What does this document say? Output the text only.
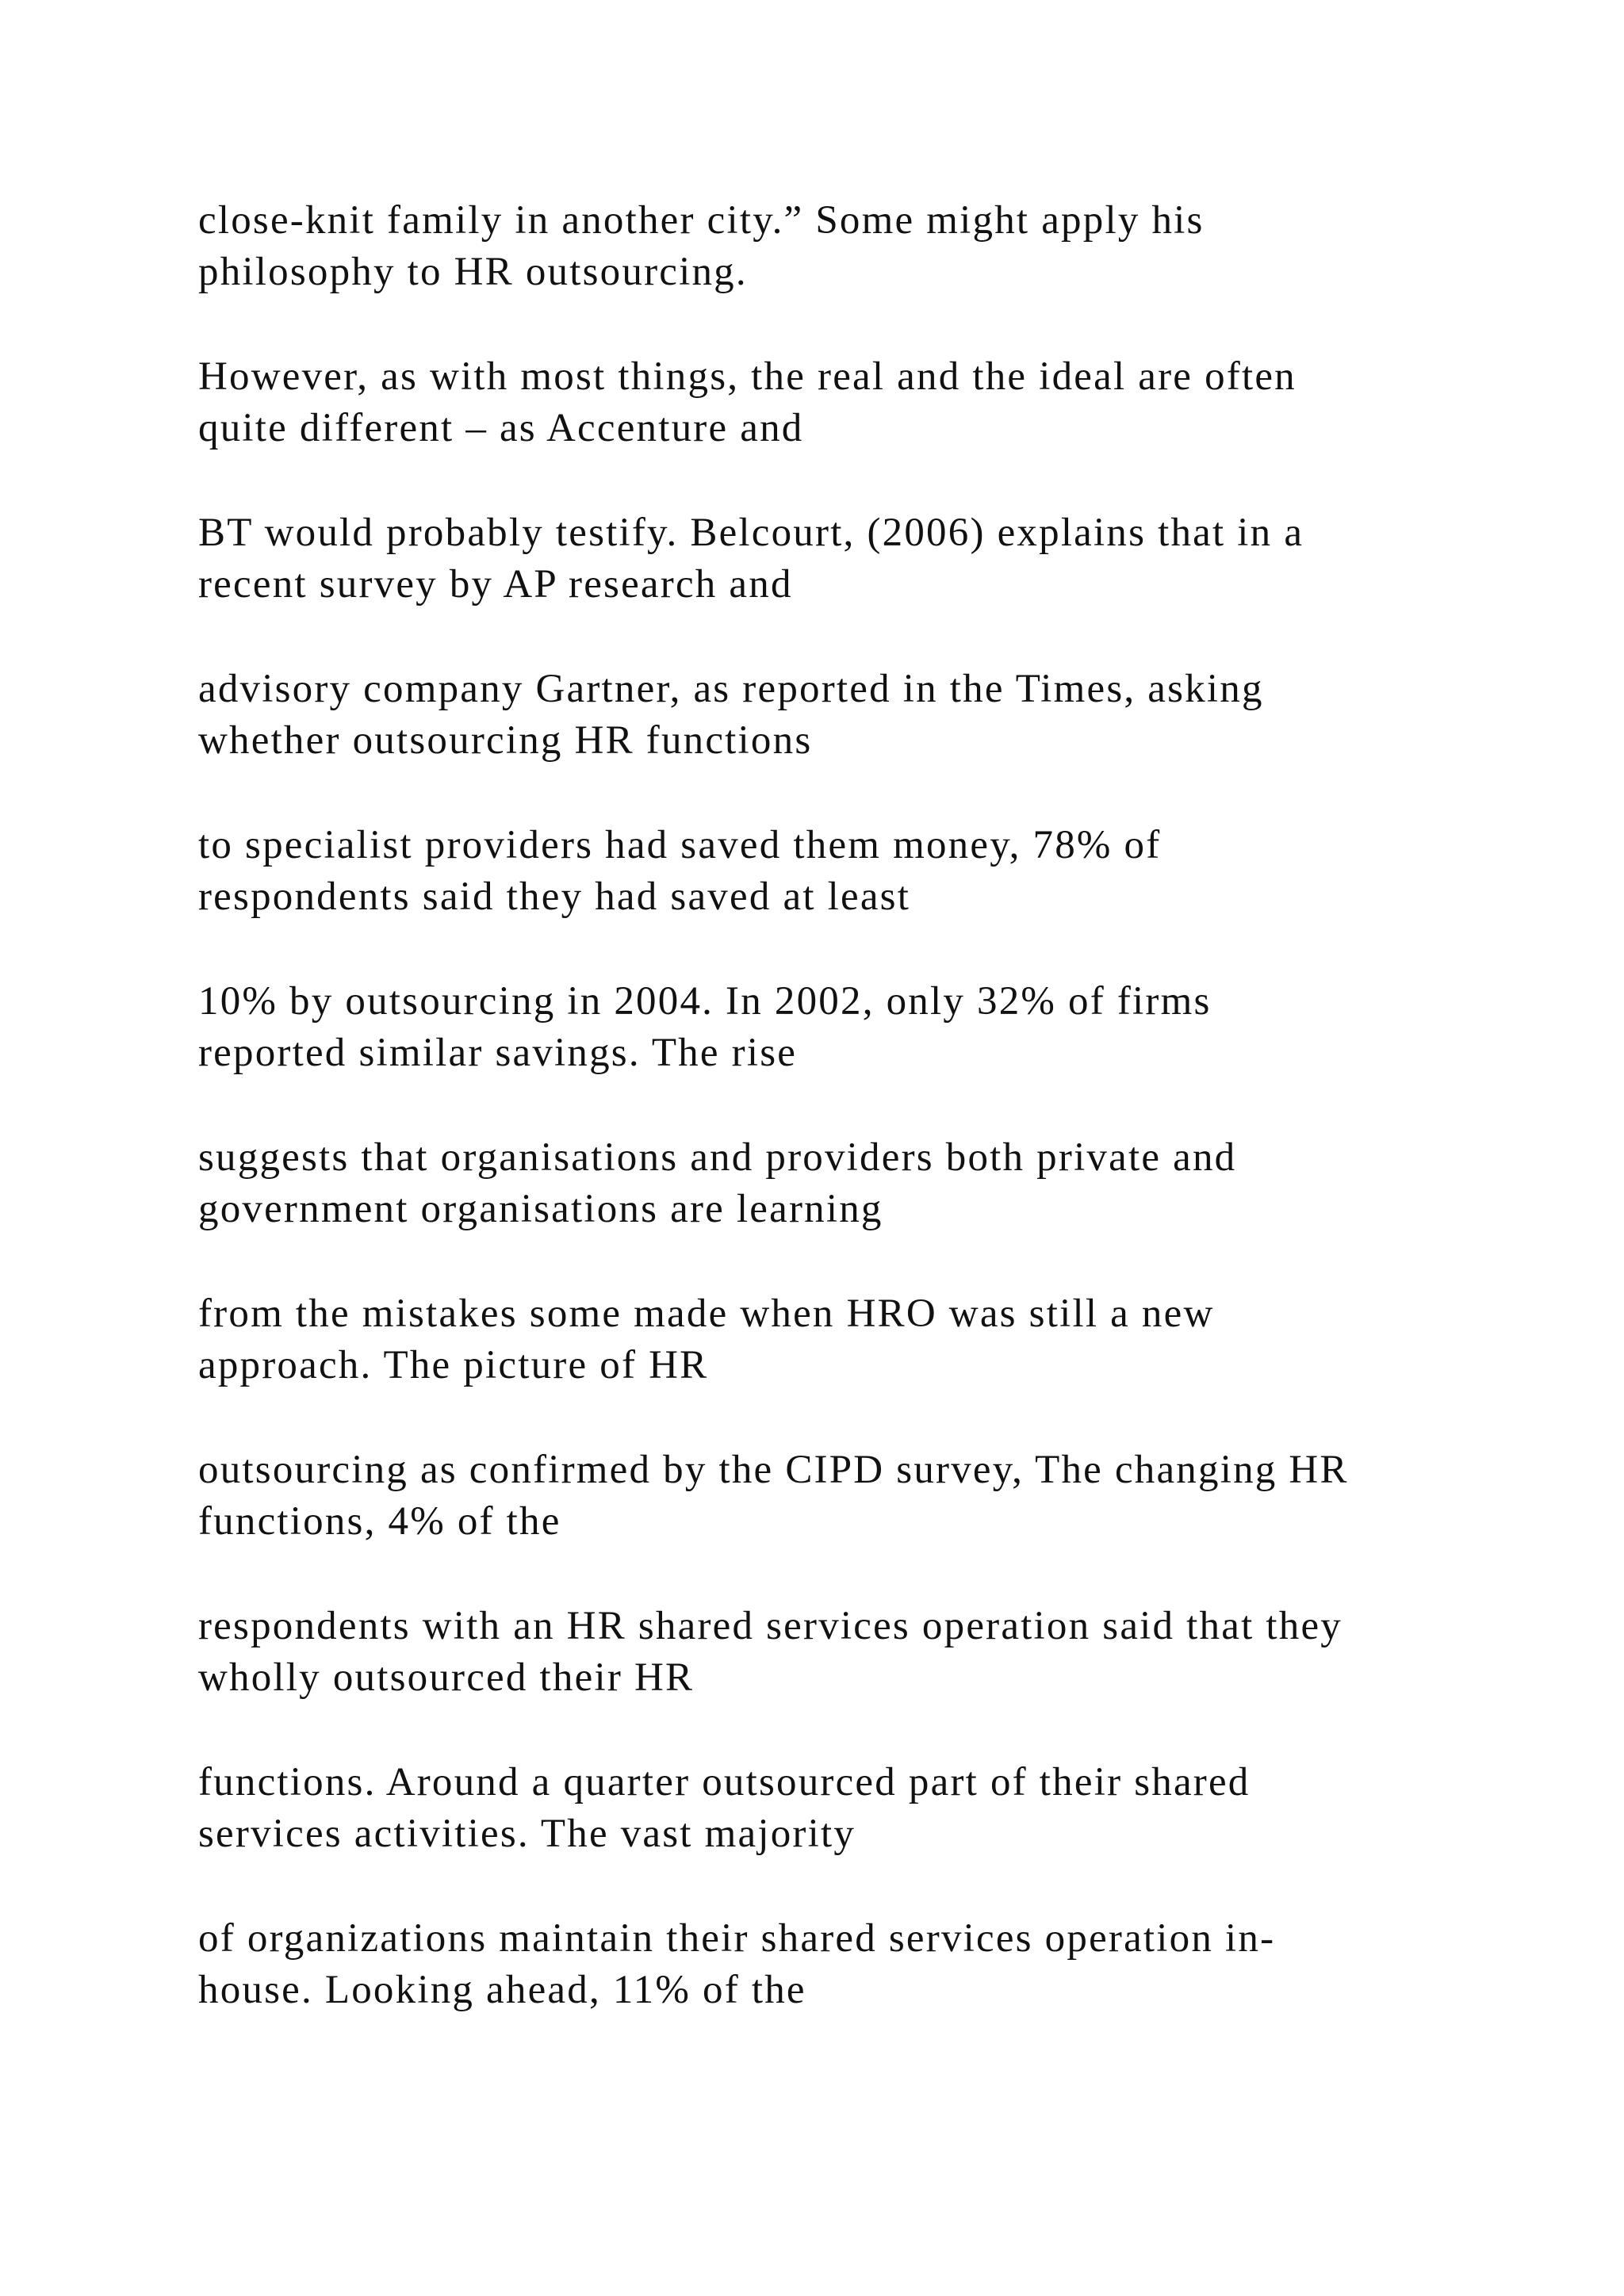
close-knit family in another city.” Some might apply his
philosophy to HR outsourcing.

However, as with most things, the real and the ideal are often
quite different – as Accenture and

BT would probably testify. Belcourt, (2006) explains that in a
recent survey by AP research and

advisory company Gartner, as reported in the Times, asking
whether outsourcing HR functions

to specialist providers had saved them money, 78% of
respondents said they had saved at least

10% by outsourcing in 2004. In 2002, only 32% of firms
reported similar savings. The rise

suggests that organisations and providers both private and
government organisations are learning

from the mistakes some made when HRO was still a new
approach. The picture of HR

outsourcing as confirmed by the CIPD survey, The changing HR
functions, 4% of the

respondents with an HR shared services operation said that they
wholly outsourced their HR

functions. Around a quarter outsourced part of their shared
services activities. The vast majority

of organizations maintain their shared services operation in-
house. Looking ahead, 11% of the
